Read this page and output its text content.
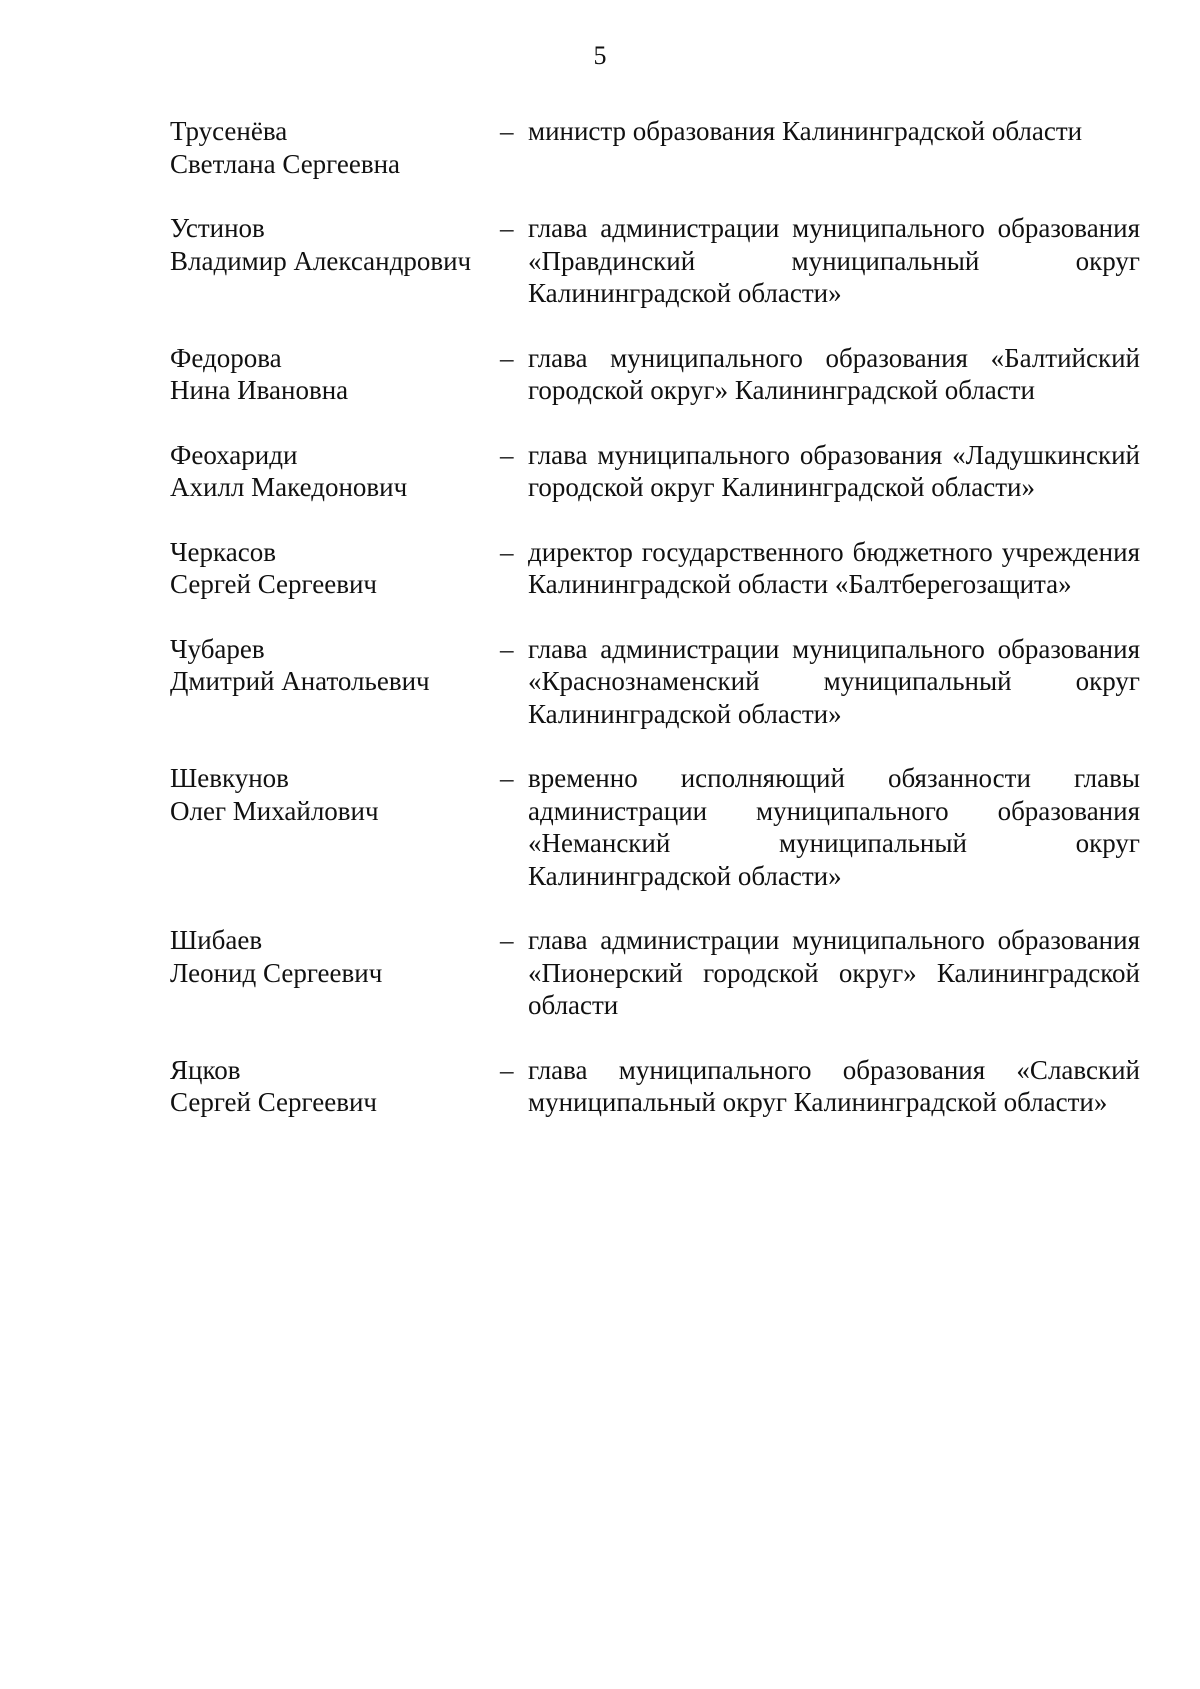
5
Трусенёва
Светлана Сергеевна
– министр образования Калининградской области
Устинов
Владимир Александрович
– глава администрации муниципального образования «Правдинский муниципальный округ Калининградской области»
Федорова
Нина Ивановна
– глава муниципального образования «Балтийский городской округ» Калининградской области
Феохариди
Ахилл Македонович
– глава муниципального образования «Ладушкинский городской округ Калининградской области»
Черкасов
Сергей Сергеевич
– директор государственного бюджетного учреждения Калининградской области «Балтберегозащита»
Чубарев
Дмитрий Анатольевич
– глава администрации муниципального образования «Краснознаменский муниципальный округ Калининградской области»
Шевкунов
Олег Михайлович
– временно исполняющий обязанности главы администрации муниципального образования «Неманский муниципальный округ Калининградской области»
Шибаев
Леонид Сергеевич
– глава администрации муниципального образования «Пионерский городской округ» Калининградской области
Яцков
Сергей Сергеевич
– глава муниципального образования «Славский муниципальный округ Калининградской области»
